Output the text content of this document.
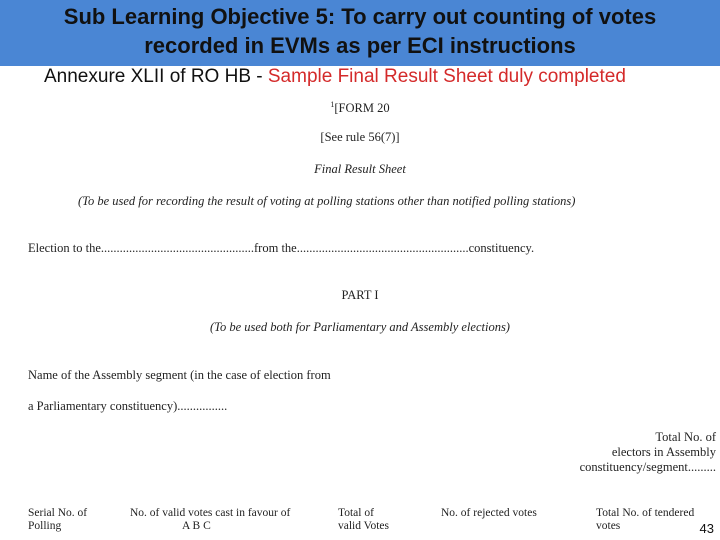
Sub Learning Objective 5: To carry out counting of votes
recorded in EVMs as per ECI instructions
Annexure XLII of RO HB - Sample Final Result Sheet duly completed
$^1$[FORM 20
[See rule 56(7)]
Final Result Sheet
(To be used for recording the result of voting at polling stations other than notified polling stations)
Election to the.................................................from the.......................................................constituency.
PART I
(To be used both for Parliamentary and Assembly elections)
Name of the Assembly segment (in the case of election from
a Parliamentary constituency)................
Total No. of
electors in Assembly
constituency/segment.........
Serial No. of
Polling
No. of valid votes cast in favour of
A B C
Total of
valid Votes
No. of rejected votes	Total No. of tendered
votes	43
